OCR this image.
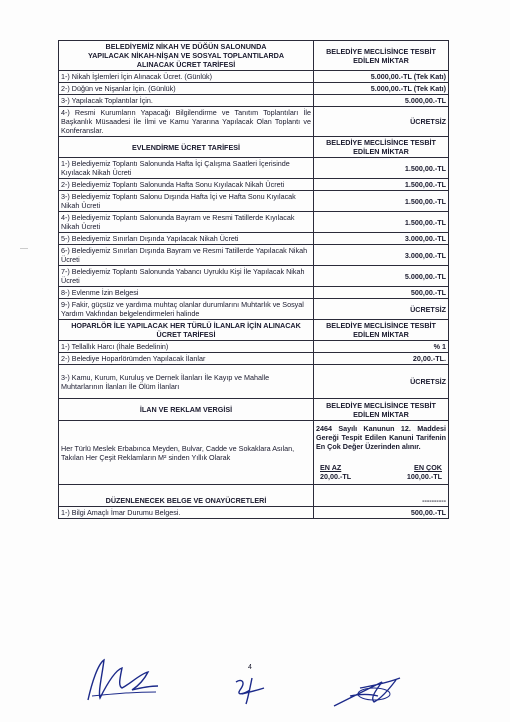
BELEDİYEMİZ NİKAH VE DÜĞÜN SALONUNDA
YAPILACAK NİKAH-NİŞAN VE SOSYAL TOPLANTILARDA
ALINACAK ÜCRET TARİFESİ	BELEDİYE MECLİSİNCE TESBİT EDİLEN MİKTAR
1-) Nikah İşlemleri İçin Alınacak Ücret. (Günlük)	5.000,00.-TL (Tek Katı)
2-) Düğün ve Nişanlar İçin. (Günlük)	5.000,00.-TL (Tek Katı)
3-) Yapılacak Toplantılar İçin.	5.000,00.-TL
4-) Resmi Kurumların Yapacağı Bilgilendirme ve Tanıtım Toplantıları İle Başkanlık Müsaadesi İle İlmi ve Kamu Yararına Yapılacak Olan Toplantı ve Konferanslar.	ÜCRETSİZ
EVLENDİRME ÜCRET TARİFESİ	BELEDİYE MECLİSİNCE TESBİT EDİLEN MİKTAR
1-) Belediyemiz Toplantı Salonunda Hafta İçi Çalışma Saatleri İçerisinde Kıyılacak Nikah Ücreti	1.500,00.-TL
2-) Belediyemiz Toplantı Salonunda Hafta Sonu Kıyılacak Nikah Ücreti	1.500,00.-TL
3-) Belediyemiz Toplantı Salonu Dışında Hafta İçi ve Hafta Sonu Kıyılacak Nikah Ücreti	1.500,00.-TL
4-) Belediyemiz Toplantı Salonunda Bayram ve Resmi Tatillerde Kıyılacak Nikah Ücreti	1.500,00.-TL
5-) Belediyemiz Sınırları Dışında Yapılacak Nikah Ücreti	3.000,00.-TL
6-) Belediyemiz Sınırları Dışında Bayram ve Resmi Tatillerde Yapılacak Nikah Ücreti	3.000,00.-TL
7-) Belediyemiz Toplantı Salonunda Yabancı Uyruklu Kişi İle Yapılacak Nikah Ücreti	5.000,00.-TL
8-) Evlenme İzin Belgesi	500,00.-TL
9-) Fakir, güçsüz ve yardıma muhtaç olanlar durumlarını Muhtarlık ve Sosyal Yardım Vakfından belgelendirmeleri halinde	ÜCRETSİZ
HOPARLÖR İLE YAPILACAK HER TÜRLÜ İLANLAR İÇİN ALINACAK
ÜCRET TARİFESİ	BELEDİYE MECLİSİNCE TESBİT EDİLEN MİKTAR
1-) Tellallık Harcı (İhale Bedelinin)	% 1
2-) Belediye Hoparlörümden Yapılacak İlanlar	20,00.-TL.
3-) Kamu, Kurum, Kuruluş ve Dernek İlanları İle Kayıp ve Mahalle Muhtarlarının İlanları İle Ölüm İlanları	ÜCRETSİZ
İLAN VE REKLAM VERGİSİ	BELEDİYE MECLİSİNCE TESBİT EDİLEN MİKTAR
Her Türlü Meslek Erbabınca Meyden, Bulvar, Cadde ve Sokaklara Asılan, Takılan Her Çeşit Reklamların M² sinden Yıllık Olarak	2464 Sayılı Kanunun 12. Maddesi Gereği Tespit Edilen Kanuni Tarifenin En Çok Değer Üzerinden alınır.
EN AZ EN ÇOK
20,00.-TL 100,00.-TL

DÜZENLENECEK BELGE VE ONAYÜCRETLERİ	----------
1-) Bilgi Amaçlı İmar Durumu Belgesi.	500,00.-TL
4
